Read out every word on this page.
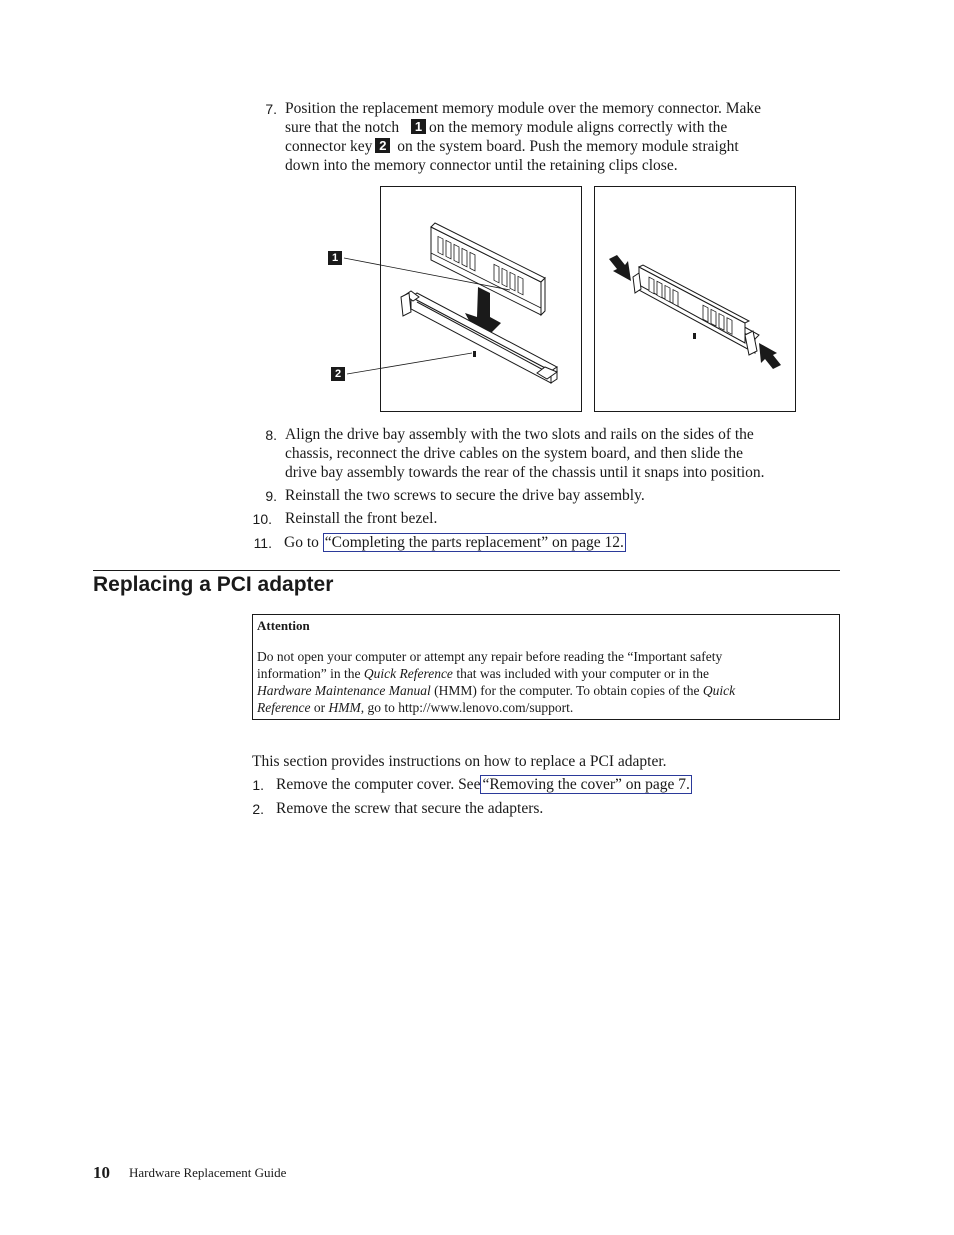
7. Position the replacement memory module over the memory connector. Make
sure that the notch 1 on the memory module aligns correctly with the
connector key 2 on the system board. Push the memory module straight
down into the memory connector until the retaining clips close.
1
2
8. Align the drive bay assembly with the two slots and rails on the sides of the
chassis, reconnect the drive cables on the system board, and then slide the
drive bay assembly towards the rear of the chassis until it snaps into position.
9. Reinstall the two screws to secure the drive bay assembly.
10. Reinstall the front bezel.
11. Go to “Completing the parts replacement” on page 12.
Replacing a PCI adapter
Attention
Do not open your computer or attempt any repair before reading the “Important safety
information” in the Quick Reference that was included with your computer or in the
Hardware Maintenance Manual (HMM) for the computer. To obtain copies of the Quick
Reference or HMM, go to http://www.lenovo.com/support.
This section provides instructions on how to replace a PCI adapter.
1. Remove the computer cover. See “Removing the cover” on page 7.
2. Remove the screw that secure the adapters.
10 Hardware Replacement Guide
